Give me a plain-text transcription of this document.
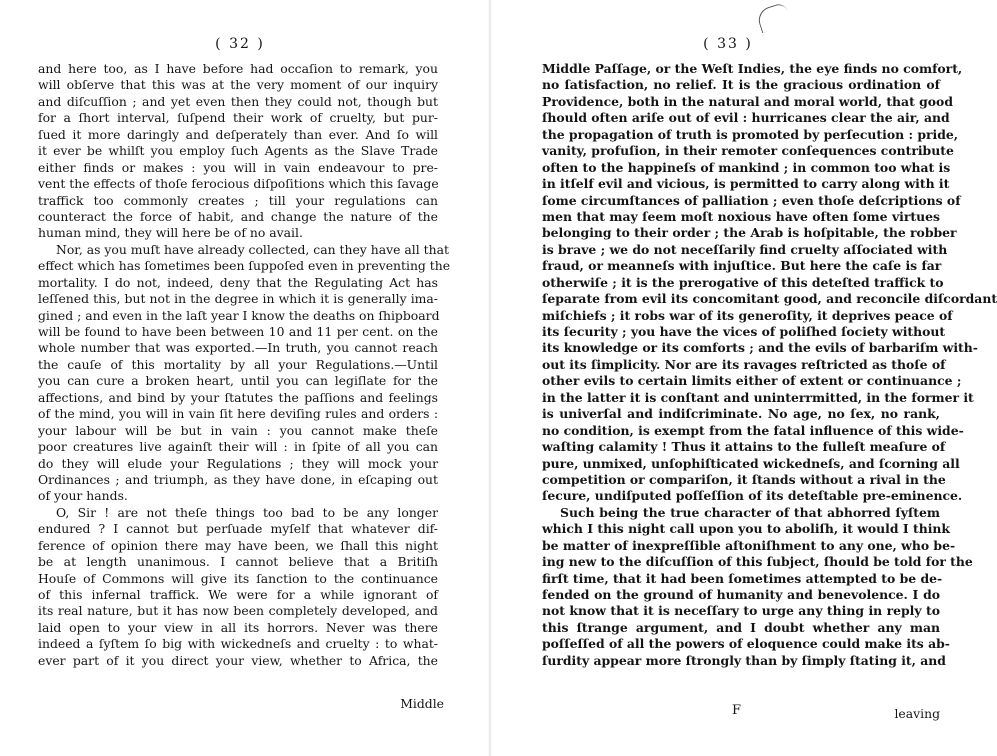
( 32 )
and here too, as I have before had occaſion to remark, you
will obſerve that this was at the very moment of our inquiry
and diſcuſſion ; and yet even then they could not, though but
for a ſhort interval, ſuſpend their work of cruelty, but pur-
ſued it more daringly and deſperately than ever. And ſo will
it ever be whilſt you employ ſuch Agents as the Slave Trade
either finds or makes : you will in vain endeavour to pre-
vent the effects of thoſe ferocious diſpoſitions which this ſavage
traffick too commonly creates ; till your regulations can
counteract the force of habit, and change the nature of the
human mind, they will here be of no avail.
Nor, as you muſt have already collected, can they have all that
effect which has ſometimes been ſuppoſed even in preventing the
mortality. I do not, indeed, deny that the Regulating Act has
leſſened this, but not in the degree in which it is generally ima-
gined ; and even in the laſt year I know the deaths on ſhipboard
will be found to have been between 10 and 11 per cent. on the
whole number that was exported.—In truth, you cannot reach
the cauſe of this mortality by all your Regulations.—Until
you can cure a broken heart, until you can legiſlate for the
affections, and bind by your ſtatutes the paſſions and feelings
of the mind, you will in vain ſit here deviſing rules and orders :
your labour will be but in vain : you cannot make theſe
poor creatures live againſt their will : in ſpite of all you can
do they will elude your Regulations ; they will mock your
Ordinances ; and triumph, as they have done, in eſcaping out
of your hands.
O, Sir ! are not theſe things too bad to be any longer
endured ? I cannot but perſuade myſelf that whatever dif-
ference of opinion there may have been, we ſhall this night
be at length unanimous. I cannot believe that a Britiſh
Houſe of Commons will give its ſanction to the continuance
of this infernal traffick. We were for a while ignorant of
its real nature, but it has now been completely developed, and
laid open to your view in all its horrors. Never was there
indeed a ſyſtem ſo big with wickedneſs and cruelty : to what-
ever part of it you direct your view, whether to Africa, the
Middle
( 33 )
Middle Paſſage, or the Weſt Indies, the eye finds no comfort,
no ſatisfaction, no relief. It is the gracious ordination of
Providence, both in the natural and moral world, that good
ſhould often ariſe out of evil : hurricanes clear the air, and
the propagation of truth is promoted by perſecution : pride,
vanity, profuſion, in their remoter conſequences contribute
often to the happineſs of mankind ; in common too what is
in itſelf evil and vicious, is permitted to carry along with it
ſome circumſtances of palliation ; even thoſe deſcriptions of
men that may ſeem moſt noxious have often ſome virtues
belonging to their order ; the Arab is hoſpitable, the robber
is brave ; we do not neceſſarily find cruelty aſſociated with
fraud, or meanneſs with injuſtice. But here the caſe is far
otherwiſe ; it is the prerogative of this deteſted traffick to
ſeparate from evil its concomitant good, and reconcile diſcordant
miſchiefs ; it robs war of its generoſity, it deprives peace of
its ſecurity ; you have the vices of poliſhed ſociety without
its knowledge or its comforts ; and the evils of barbariſm with-
out its ſimplicity. Nor are its ravages reſtricted as thoſe of
other evils to certain limits either of extent or continuance ;
in the latter it is conſtant and uninterrmitted, in the former it
is univerſal and indiſcriminate. No age, no ſex, no rank,
no condition, is exempt from the fatal influence of this wide-
waſting calamity ! Thus it attains to the fulleſt meaſure of
pure, unmixed, unſophiſticated wickedneſs, and ſcorning all
competition or compariſon, it ſtands without a rival in the
ſecure, undiſputed poſſeſſion of its deteſtable pre-eminence.
Such being the true character of that abhorred ſyſtem
which I this night call upon you to aboliſh, it would I think
be matter of inexpreſſible aſtoniſhment to any one, who be-
ing new to the diſcuſſion of this ſubject, ſhould be told for the
firſt time, that it had been ſometimes attempted to be de-
fended on the ground of humanity and benevolence. I do
not know that it is neceſſary to urge any thing in reply to
this ſtrange argument, and I doubt whether any man
poſſeſſed of all the powers of eloquence could make its ab-
ſurdity appear more ſtrongly than by ſimply ſtating it, and
F	leaving
